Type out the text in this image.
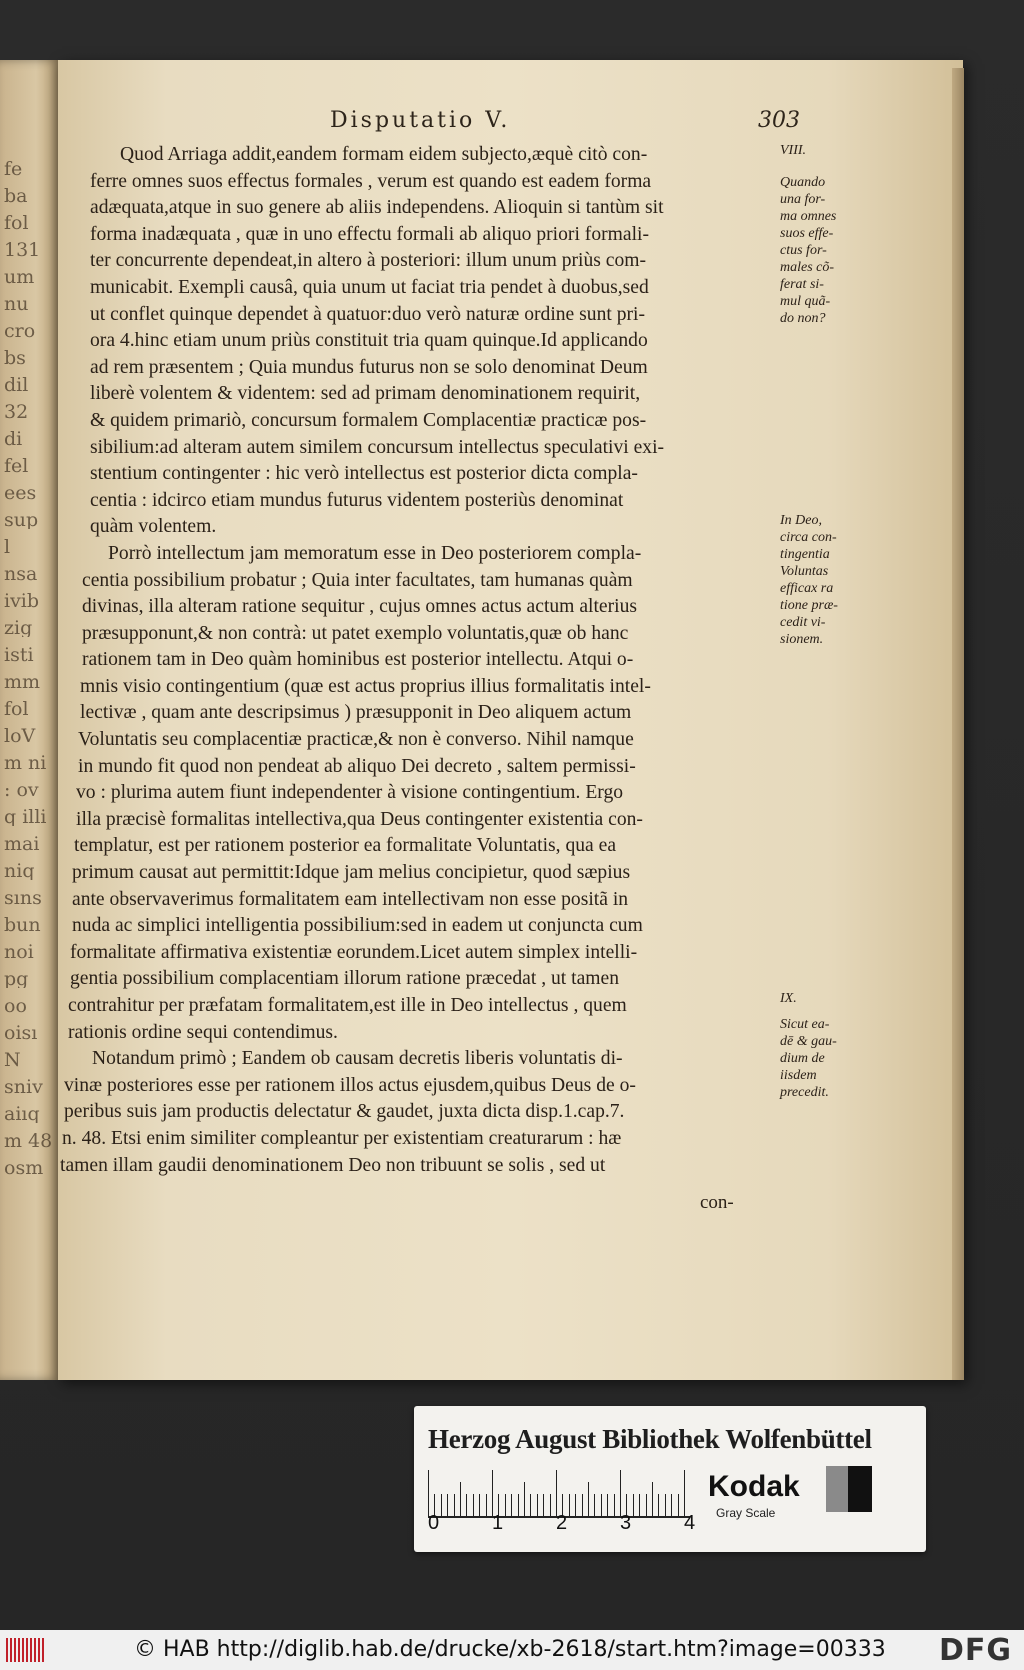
fe
ba
fol
131
um
nu
cro
bs
dil
32
di
fel
ees
sup
l
nsa
ivib
zig
isti
mm
fol
loV
m ni
: ov
q illi
mai
niq
sıns
bun
noi
pg
oo
oisı
N
sniv
aiıq
m 48
osm
Disputatio V.	303
Quod Arriaga addit,eandem formam eidem subjecto,æquè citò con-
ferre omnes suos effectus formales , verum est quando est eadem forma
adæquata,atque in suo genere ab aliis independens. Alioquin si tantùm sit
forma inadæquata , quæ in uno effectu formali ab aliquo priori formali-
ter concurrente dependeat,in altero à posteriori: illum unum priùs com-
municabit. Exempli causâ, quia unum ut faciat tria pendet à duobus,sed
ut conflet quinque dependet à quatuor:duo verò naturæ ordine sunt pri-
ora 4.hinc etiam unum priùs constituit tria quam quinque.Id applicando
ad rem præsentem ; Quia mundus futurus non se solo denominat Deum
liberè volentem & videntem: sed ad primam denominationem requirit,
& quidem primariò, concursum formalem Complacentiæ practicæ pos-
sibilium:ad alteram autem similem concursum intellectus speculativi exi-
stentium contingenter : hic verò intellectus est posterior dicta compla-
centia : idcirco etiam mundus futurus videntem posteriùs denominat
quàm volentem.
Porrò intellectum jam memoratum esse in Deo posteriorem compla-
centia possibilium probatur ; Quia inter facultates, tam humanas quàm
divinas, illa alteram ratione sequitur , cujus omnes actus actum alterius
præsupponunt,& non contrà: ut patet exemplo voluntatis,quæ ob hanc
rationem tam in Deo quàm hominibus est posterior intellectu. Atqui o-
mnis visio contingentium (quæ est actus proprius illius formalitatis intel-
lectivæ , quam ante descripsimus ) præsupponit in Deo aliquem actum
Voluntatis seu complacentiæ practicæ,& non è converso. Nihil namque
in mundo fit quod non pendeat ab aliquo Dei decreto , saltem permissi-
vo : plurima autem fiunt independenter à visione contingentium. Ergo
illa præcisè formalitas intellectiva,qua Deus contingenter existentia con-
templatur, est per rationem posterior ea formalitate Voluntatis, qua ea
primum causat aut permittit:Idque jam melius concipietur, quod sæpius
ante observaverimus formalitatem eam intellectivam non esse positã in
nuda ac simplici intelligentia possibilium:sed in eadem ut conjuncta cum
formalitate affirmativa existentiæ eorundem.Licet autem simplex intelli-
gentia possibilium complacentiam illorum ratione præcedat , ut tamen
contrahitur per præfatam formalitatem,est ille in Deo intellectus , quem
rationis ordine sequi contendimus.
Notandum primò ; Eandem ob causam decretis liberis voluntatis di-
vinæ posteriores esse per rationem illos actus ejusdem,quibus Deus de o-
peribus suis jam productis delectatur & gaudet, juxta dicta disp.1.cap.7.
n. 48. Etsi enim similiter compleantur per existentiam creaturarum : hæ
tamen illam gaudii denominationem Deo non tribuunt se solis , sed ut
VIII.
Quando
una for-
ma omnes
suos effe-
ctus for-
males cõ-
ferat si-
mul quã-
do non?
In Deo,
circa con-
tingentia
Voluntas
efficax ra
tione præ-
cedit vi-
sionem.
IX.
Sicut ea-
dē & gau-
dium de
iisdem
precedit.
con-
Herzog August Bibliothek Wolfenbüttel
0	1	2	3	4
Kodak
Gray Scale
© HAB http://diglib.hab.de/drucke/xb-2618/start.htm?image=00333 DFG
